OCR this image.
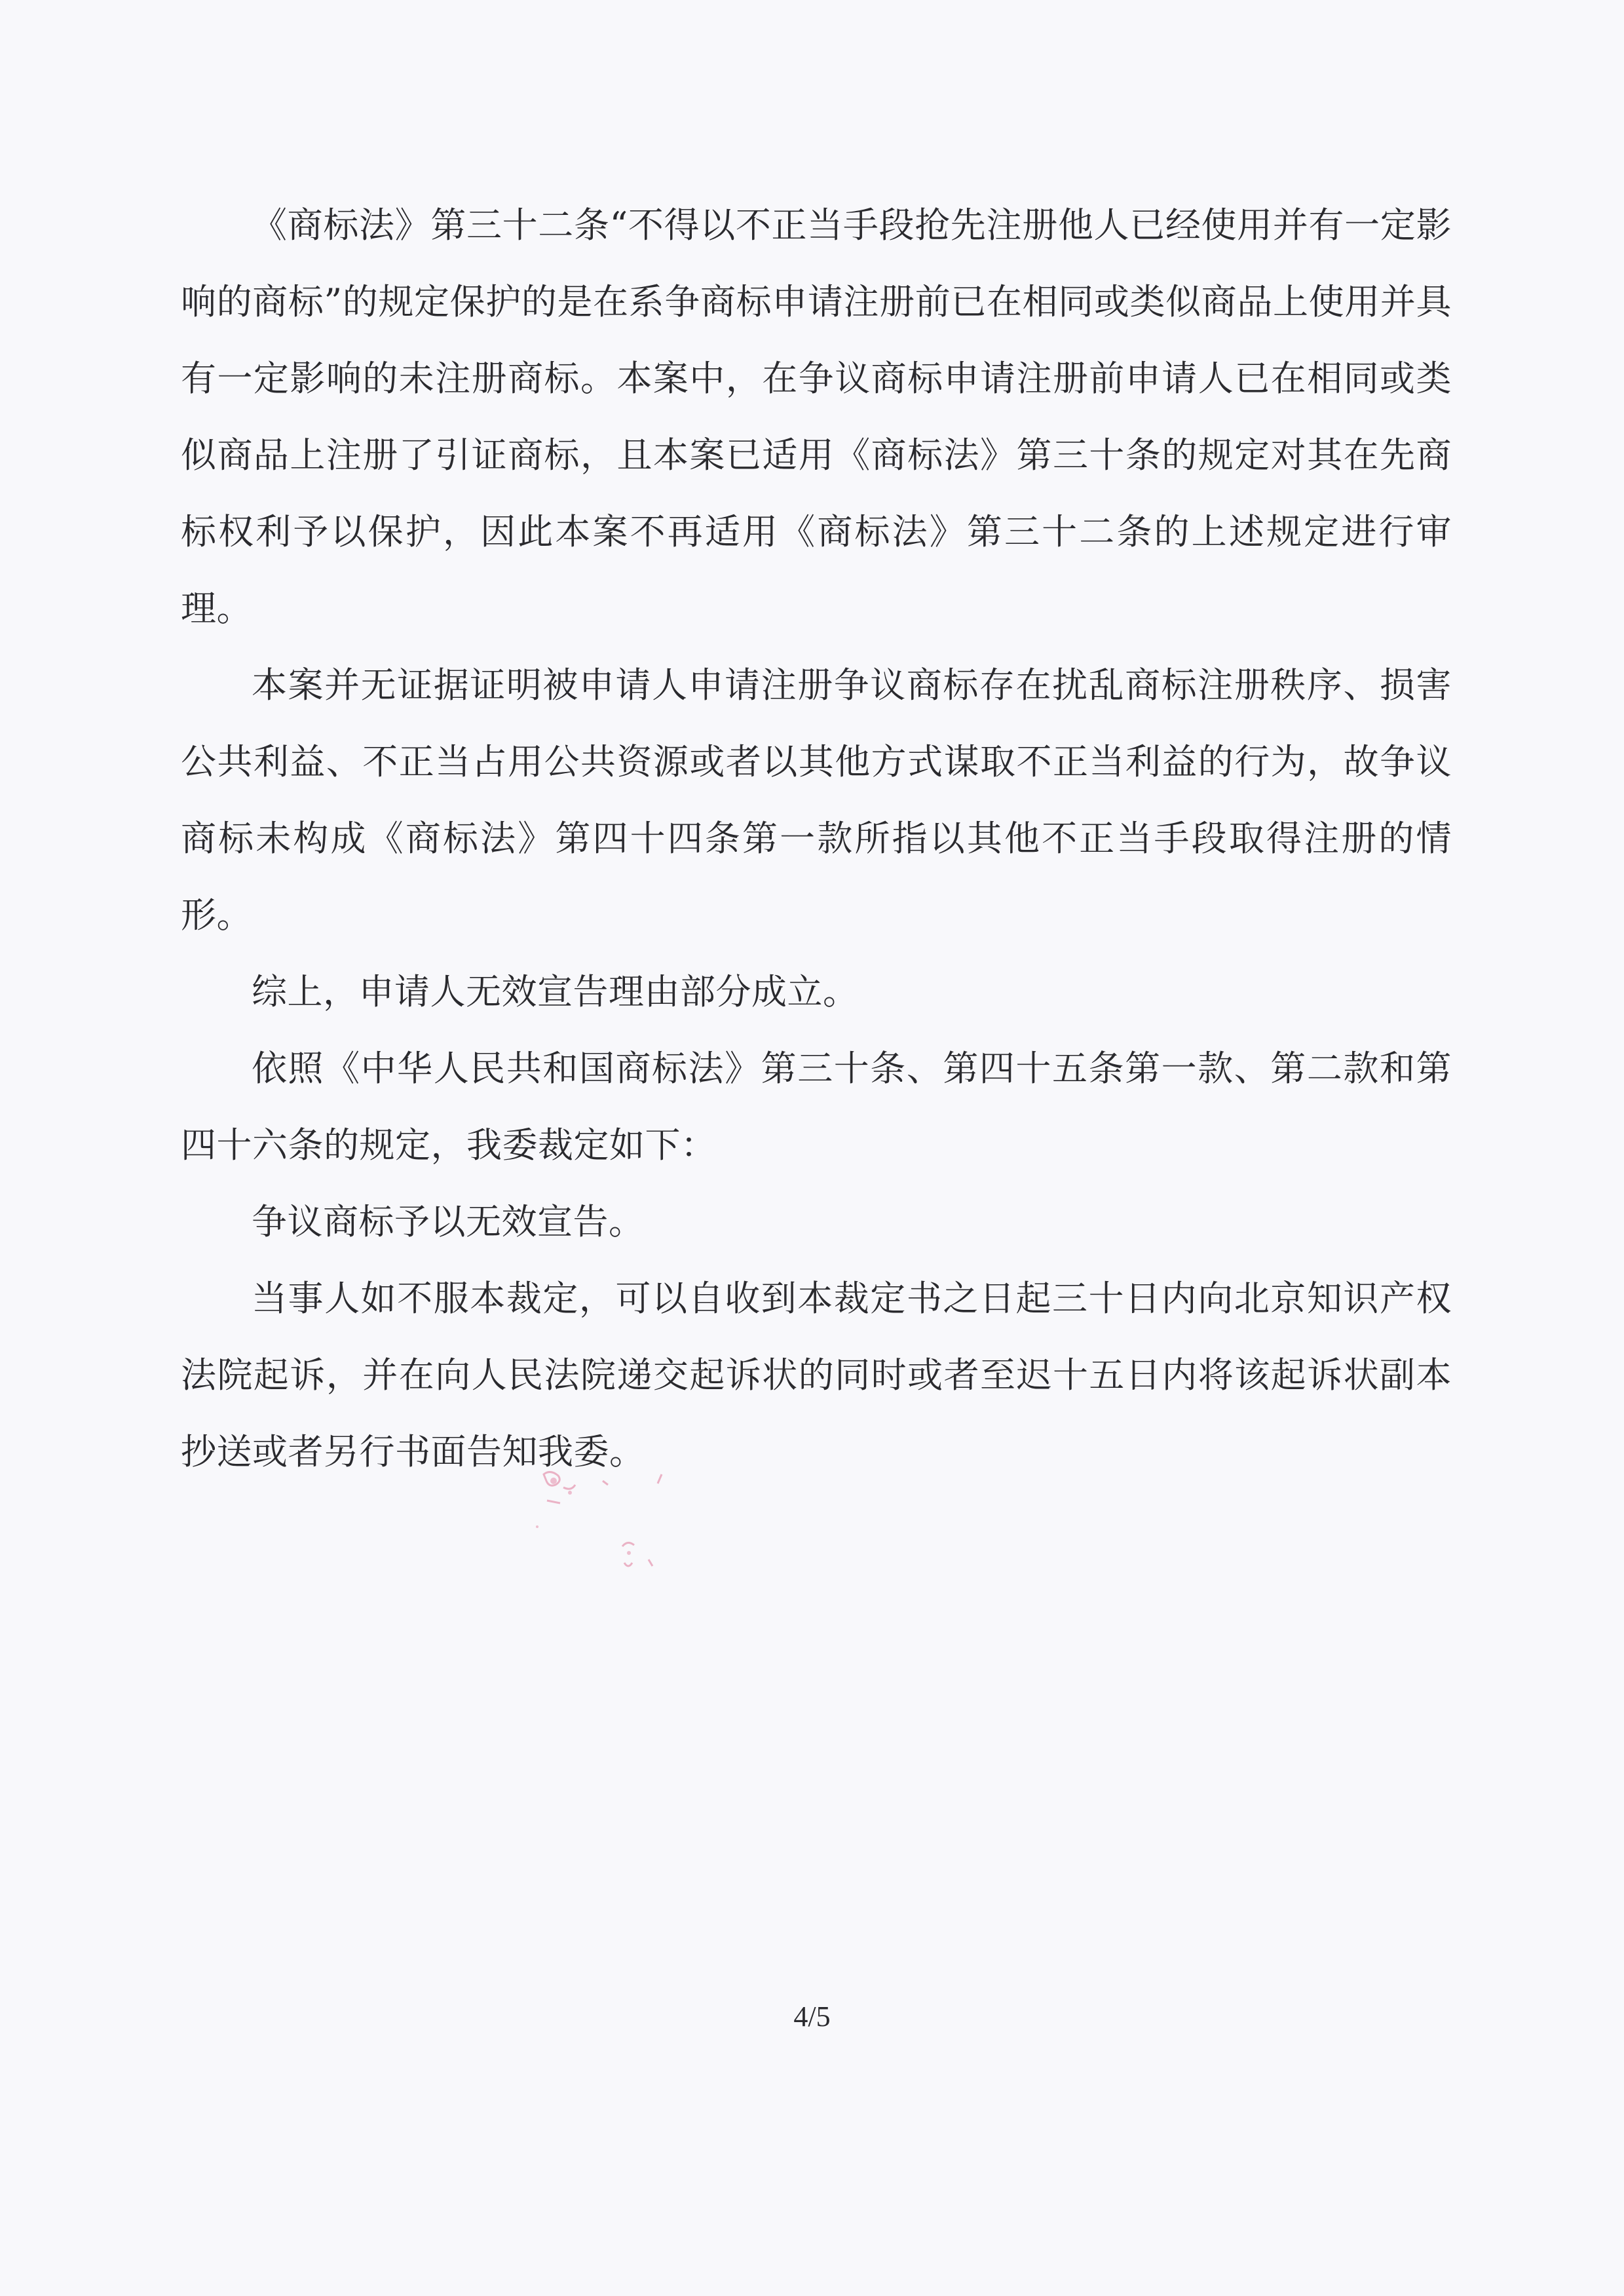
《商标法》第三十二条“不得以不正当手段抢先注册他人已经使用并有一定影响的商标”的规定保护的是在系争商标申请注册前已在相同或类似商品上使用并具有一定影响的未注册商标。本案中，在争议商标申请注册前申请人已在相同或类似商品上注册了引证商标，且本案已适用《商标法》第三十条的规定对其在先商标权利予以保护，因此本案不再适用《商标法》第三十二条的上述规定进行审理。

本案并无证据证明被申请人申请注册争议商标存在扰乱商标注册秩序、损害公共利益、不正当占用公共资源或者以其他方式谋取不正当利益的行为，故争议商标未构成《商标法》第四十四条第一款所指以其他不正当手段取得注册的情形。

综上，申请人无效宣告理由部分成立。

依照《中华人民共和国商标法》第三十条、第四十五条第一款、第二款和第四十六条的规定，我委裁定如下：

争议商标予以无效宣告。

当事人如不服本裁定，可以自收到本裁定书之日起三十日内向北京知识产权法院起诉，并在向人民法院递交起诉状的同时或者至迟十五日内将该起诉状副本抄送或者另行书面告知我委。

4/5
